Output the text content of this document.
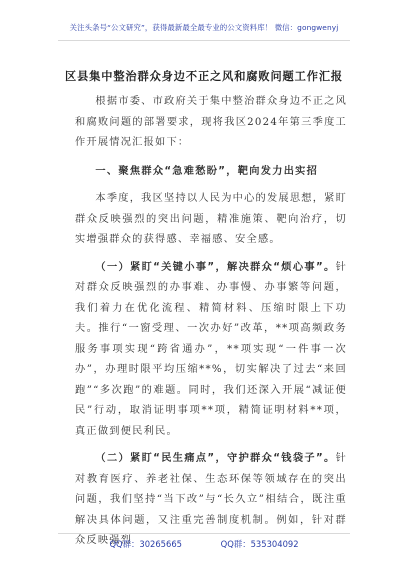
关注头条号“公文研究”，获得最新最全最专业的公文资料库！ 微信：gongwenyj
区县集中整治群众身边不正之风和腐败问题工作汇报

根据市委、市政府关于集中整治群众身边不正之风和腐败问题的部署要求，现将我区2024年第三季度工作开展情况汇报如下：

一、聚焦群众“急难愁盼”，靶向发力出实招

本季度，我区坚持以人民为中心的发展思想，紧盯群众反映强烈的突出问题，精准施策、靶向治疗，切实增强群众的获得感、幸福感、安全感。

（一）紧盯“关键小事”，解决群众“烦心事”。针对群众反映强烈的办事难、办事慢、办事繁等问题，我们着力在优化流程、精简材料、压缩时限上下功夫。推行“一窗受理、一次办好”改革，**项高频政务服务事项实现“跨省通办”，**项实现“一件事一次办”，办理时限平均压缩**%，切实解决了过去“来回跑”“多次跑”的难题。同时，我们还深入开展“减证便民”行动，取消证明事项**项，精简证明材料**项，真正做到便民利民。

（二）紧盯“民生痛点”，守护群众“钱袋子”。针对教育医疗、养老社保、生态环保等领域存在的突出问题，我们坚持“当下改”与“长久立”相结合，既注重解决具体问题，又注重完善制度机制。例如，针对群众反映强烈

QQ群：30265665	QQ群：535304092
